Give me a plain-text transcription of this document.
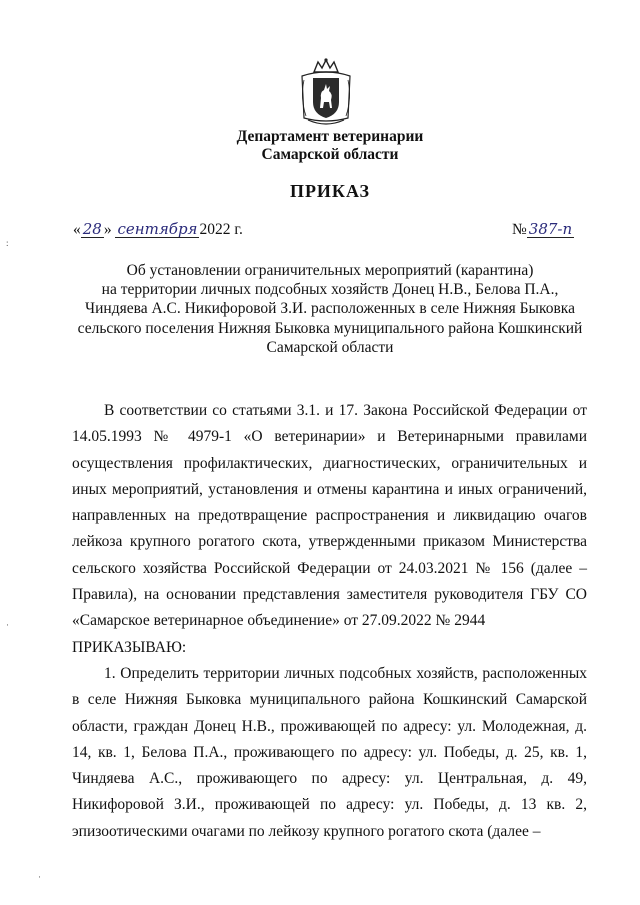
Департамент ветеринарии
Самарской области
ПРИКАЗ
« 28 » сентября 2022 г.	№ 387-п
Об установлении ограничительных мероприятий (карантина)
на территории личных подсобных хозяйств Донец Н.В., Белова П.А.,
Чиндяева А.С. Никифоровой З.И. расположенных в селе Нижняя Быковка
сельского поселения Нижняя Быковка муниципального района Кошкинский
Самарской области

В соответствии со статьями 3.1. и 17. Закона Российской Федерации от 14.05.1993 № 4979-1 «О ветеринарии» и Ветеринарными правилами осуществления профилактических, диагностических, ограничительных и иных мероприятий, установления и отмены карантина и иных ограничений, направленных на предотвращение распространения и ликвидацию очагов лейкоза крупного рогатого скота, утвержденными приказом Министерства сельского хозяйства Российской Федерации от 24.03.2021 № 156 (далее – Правила), на основании представления заместителя руководителя ГБУ СО «Самарское ветеринарное объединение» от 27.09.2022 № 2944

ПРИКАЗЫВАЮ:

1. Определить территории личных подсобных хозяйств, расположенных в селе Нижняя Быковка муниципального района Кошкинский Самарской области, граждан Донец Н.В., проживающей по адресу: ул. Молодежная, д. 14, кв. 1, Белова П.А., проживающего по адресу: ул. Победы, д. 25, кв. 1, Чиндяева А.С., проживающего по адресу: ул. Центральная, д. 49, Никифоровой З.И., проживающей по адресу: ул. Победы, д. 13 кв. 2, эпизоотическими очагами по лейкозу крупного рогатого скота (далее –

:
·
·
